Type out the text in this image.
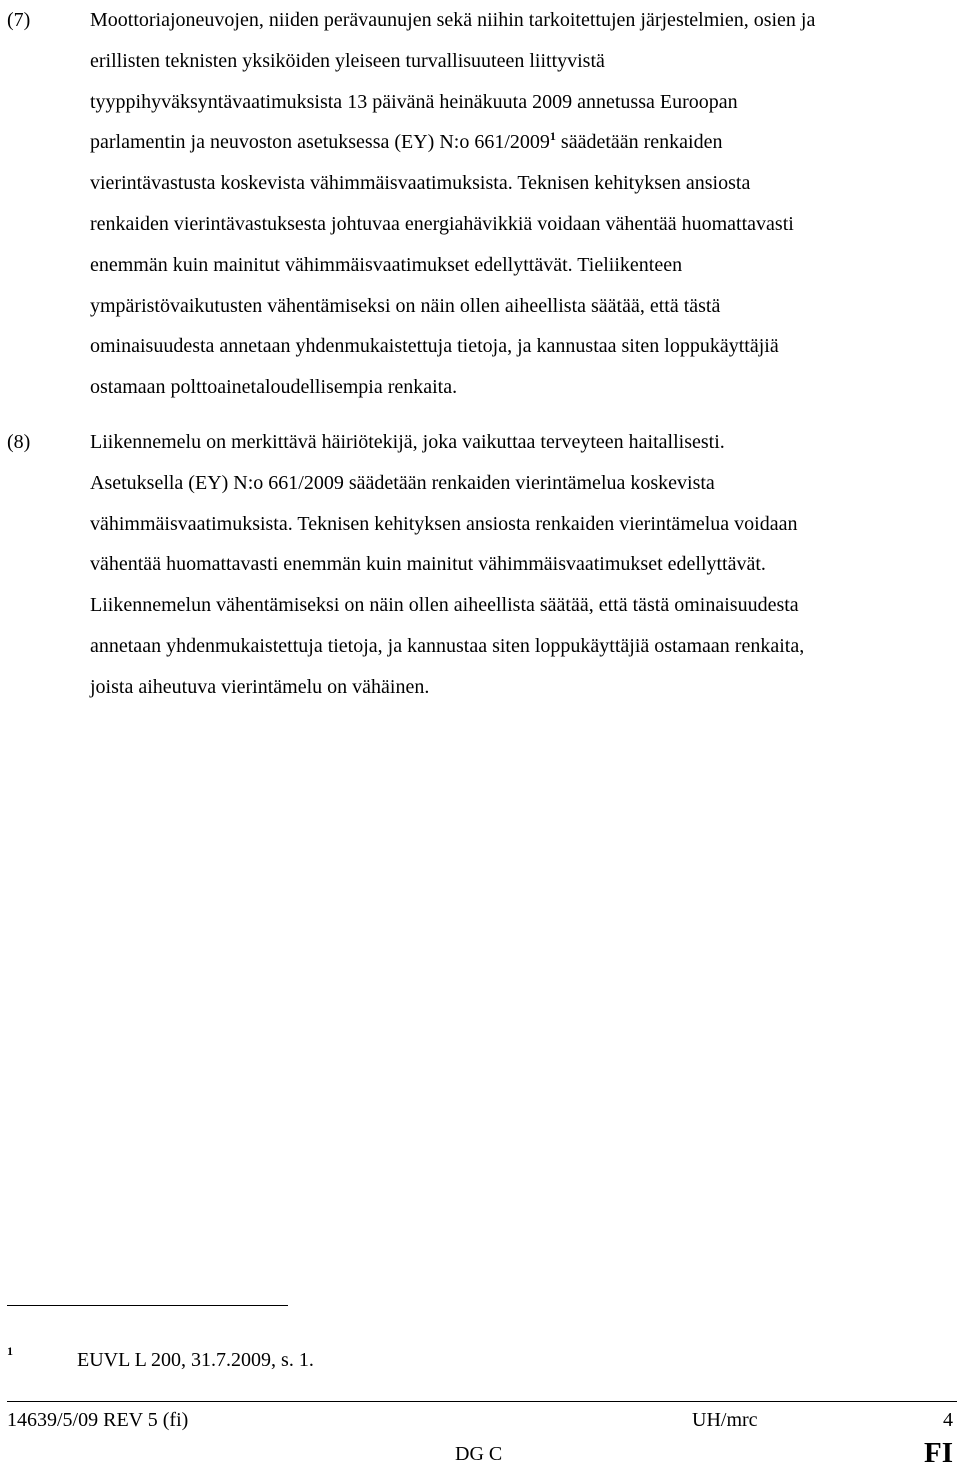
(7)	Moottoriajoneuvojen, niiden perävaunujen sekä niihin tarkoitettujen järjestelmien, osien ja
erillisten teknisten yksiköiden yleiseen turvallisuuteen liittyvistä
tyyppihyväksyntävaatimuksista 13 päivänä heinäkuuta 2009 annetussa Euroopan
parlamentin ja neuvoston asetuksessa (EY) N:o 661/2009$^1$ säädetään renkaiden
vierintävastusta koskevista vähimmäisvaatimuksista. Teknisen kehityksen ansiosta
renkaiden vierintävastuksesta johtuvaa energiahävikkiä voidaan vähentää huomattavasti
enemmän kuin mainitut vähimmäisvaatimukset edellyttävät. Tieliikenteen
ympäristövaikutusten vähentämiseksi on näin ollen aiheellista säätää, että tästä
ominaisuudesta annetaan yhdenmukaistettuja tietoja, ja kannustaa siten loppukäyttäjiä
ostamaan polttoainetaloudellisempia renkaita.
(8)	Liikennemelu on merkittävä häiriötekijä, joka vaikuttaa terveyteen haitallisesti.
Asetuksella (EY) N:o 661/2009 säädetään renkaiden vierintämelua koskevista
vähimmäisvaatimuksista. Teknisen kehityksen ansiosta renkaiden vierintämelua voidaan
vähentää huomattavasti enemmän kuin mainitut vähimmäisvaatimukset edellyttävät.
Liikennemelun vähentämiseksi on näin ollen aiheellista säätää, että tästä ominaisuudesta
annetaan yhdenmukaistettuja tietoja, ja kannustaa siten loppukäyttäjiä ostamaan renkaita,
joista aiheutuva vierintämelu on vähäinen.
1	EUVL L 200, 31.7.2009, s. 1.
14639/5/09 REV 5 (fi)	UH/mrc	4
DG C	FI
